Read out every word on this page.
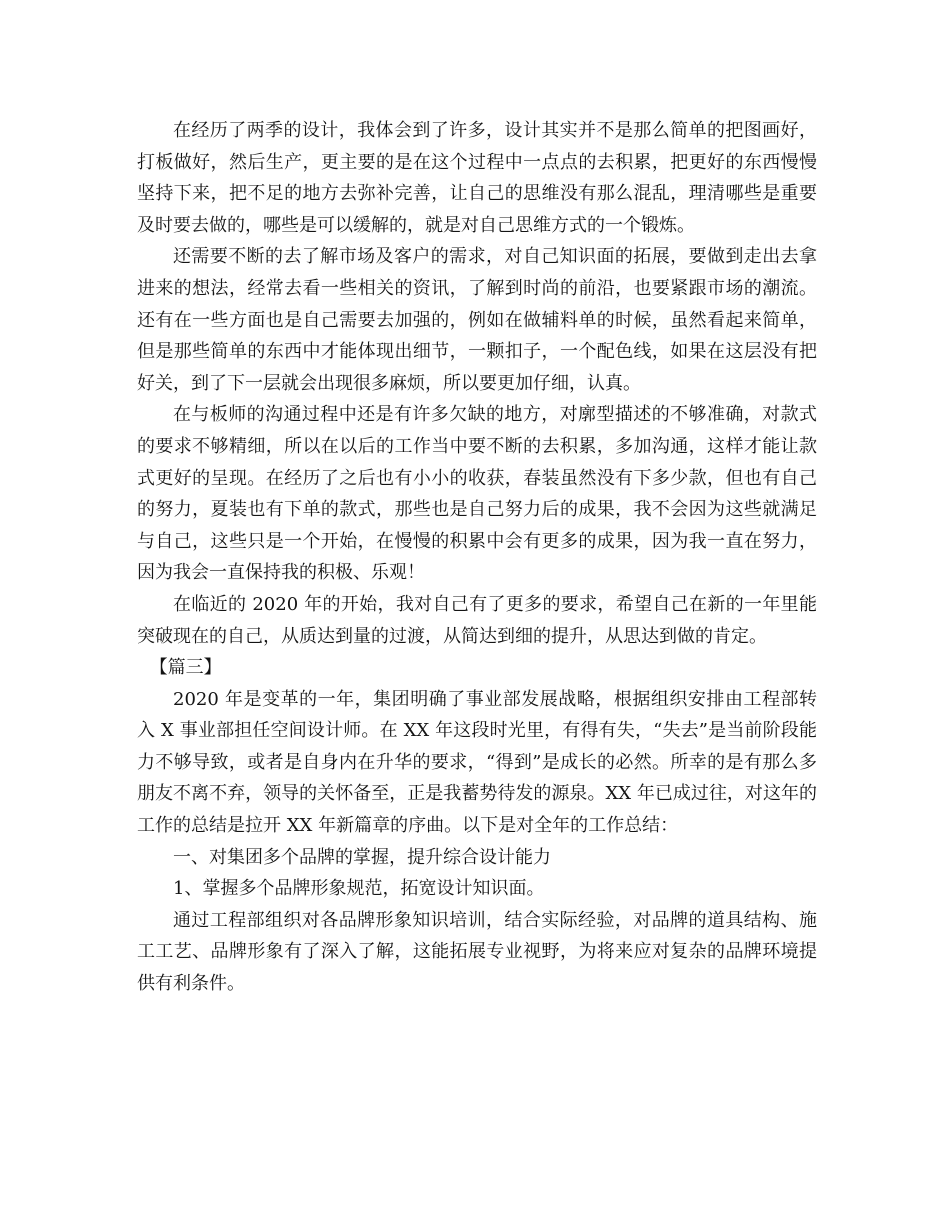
在经历了两季的设计，我体会到了许多，设计其实并不是那么简单的把图画好，打板做好，然后生产，更主要的是在这个过程中一点点的去积累，把更好的东西慢慢坚持下来，把不足的地方去弥补完善，让自己的思维没有那么混乱，理清哪些是重要及时要去做的，哪些是可以缓解的，就是对自己思维方式的一个锻炼。

还需要不断的去了解市场及客户的需求，对自己知识面的拓展，要做到走出去拿进来的想法，经常去看一些相关的资讯，了解到时尚的前沿，也要紧跟市场的潮流。还有在一些方面也是自己需要去加强的，例如在做辅料单的时候，虽然看起来简单，但是那些简单的东西中才能体现出细节，一颗扣子，一个配色线，如果在这层没有把好关，到了下一层就会出现很多麻烦，所以要更加仔细，认真。

在与板师的沟通过程中还是有许多欠缺的地方，对廓型描述的不够准确，对款式的要求不够精细，所以在以后的工作当中要不断的去积累，多加沟通，这样才能让款式更好的呈现。在经历了之后也有小小的收获，春装虽然没有下多少款，但也有自己的努力，夏装也有下单的款式，那些也是自己努力后的成果，我不会因为这些就满足与自己，这些只是一个开始，在慢慢的积累中会有更多的成果，因为我一直在努力，因为我会一直保持我的积极、乐观！

在临近的 2020 年的开始，我对自己有了更多的要求，希望自己在新的一年里能突破现在的自己，从质达到量的过渡，从简达到细的提升，从思达到做的肯定。

【篇三】

2020 年是变革的一年，集团明确了事业部发展战略，根据组织安排由工程部转入 X 事业部担任空间设计师。在 XX 年这段时光里，有得有失，“失去”是当前阶段能力不够导致，或者是自身内在升华的要求，“得到”是成长的必然。所幸的是有那么多朋友不离不弃，领导的关怀备至，正是我蓄势待发的源泉。XX 年已成过往，对这年的工作的总结是拉开 XX 年新篇章的序曲。以下是对全年的工作总结：

一、对集团多个品牌的掌握，提升综合设计能力

1、掌握多个品牌形象规范，拓宽设计知识面。

通过工程部组织对各品牌形象知识培训，结合实际经验，对品牌的道具结构、施工工艺、品牌形象有了深入了解，这能拓展专业视野，为将来应对复杂的品牌环境提供有利条件。
